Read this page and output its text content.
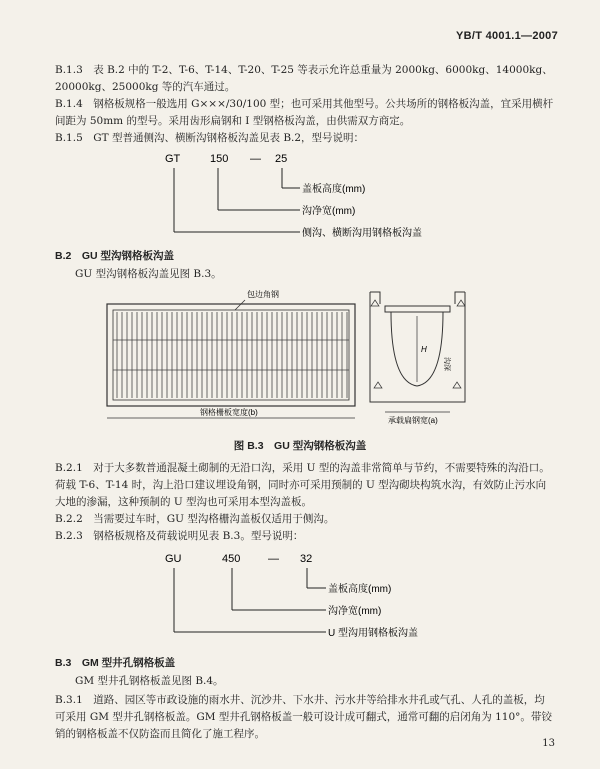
YB/T 4001.1—2007
B.1.3　表 B.2 中的 T-2、T-6、T-14、T-20、T-25 等表示允许总重量为 2000kg、6000kg、14000kg、20000kg、25000kg 等的汽车通过。
B.1.4　钢格板规格一般选用 G×××/30/100 型；也可采用其他型号。公共场所的钢格板沟盖，宜采用横杆间距为 50mm 的型号。采用齿形扁钢和 I 型钢格板沟盖，由供需双方商定。
B.1.5　GT 型普通侧沟、横断沟钢格板沟盖见表 B.2，型号说明：
GT	150 — 25
盖板高度(mm)
沟净宽(mm)
侧沟、横断沟用钢格板沟盖
B.2　GU 型沟钢格板沟盖
GU 型沟钢格板沟盖见图 B.3。
包边角钢
钢格栅板宽度(b)
H
沟深
承载扁钢宽(a)
图 B.3　GU 型沟钢格板沟盖
B.2.1　对于大多数普通混凝土砌制的无沿口沟，采用 U 型的沟盖非常简单与节约，不需要特殊的沟沿口。荷载 T-6、T-14 时，沟上沿口建议埋设角钢，同时亦可采用预制的 U 型沟砌块构筑水沟，有效防止污水向大地的渗漏，这种预制的 U 型沟也可采用本型沟盖板。
B.2.2　当需要过车时，GU 型沟格栅沟盖板仅适用于侧沟。
B.2.3　钢格板规格及荷载说明见表 B.3。型号说明：
GU	450	— 32
盖板高度(mm)
沟净宽(mm)
U 型沟用钢格板沟盖
B.3　GM 型井孔钢格板盖
GM 型井孔钢格板盖见图 B.4。
B.3.1　道路、园区等市政设施的雨水井、沉沙井、下水井、污水井等给排水井孔或气孔、人孔的盖板，均可采用 GM 型井孔钢格板盖。GM 型井孔钢格板盖一般可设计成可翻式，通常可翻的启闭角为 110°。带铰销的钢格板盖不仅防盗而且简化了施工程序。
13
